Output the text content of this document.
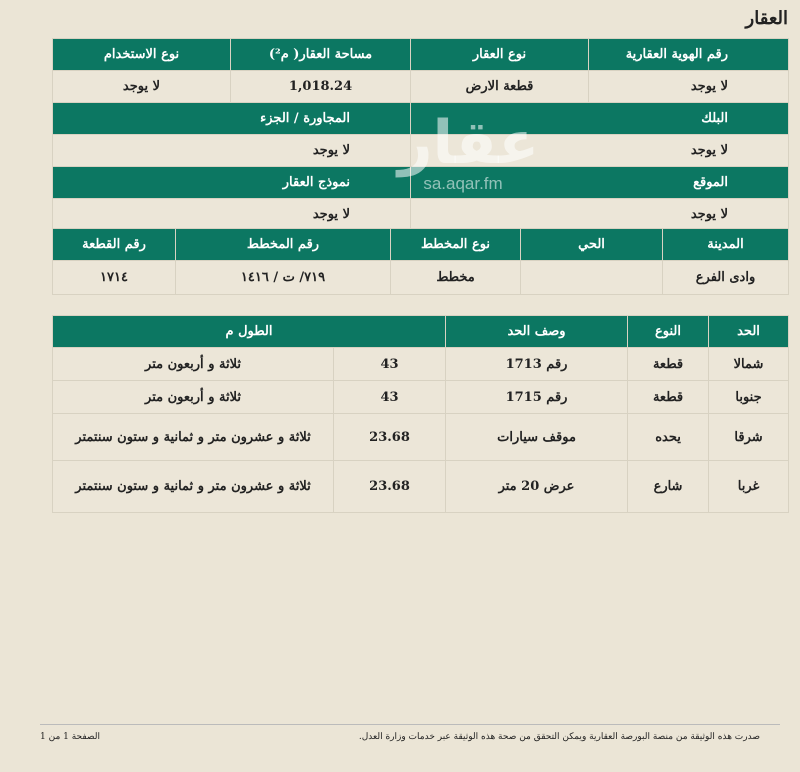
العقار
رقم الهوية العقارية	نوع العقار	مساحة العقار( م²)	نوع الاستخدام
لا يوجد	قطعة الارض	1,018.24	لا يوجد
البلك		المجاورة / الجزء	
لا يوجد		لا يوجد	
الموقع		نموذج العقار	
لا يوجد		لا يوجد	
المدينة	الحي	نوع المخطط	رقم المخطط	رقم القطعة
وادى الفرع		مخطط	٧١٩/ ت / ١٤١٦	١٧١٤
الحد	النوع	وصف الحد	الطول م	
شمالا	قطعة	رقم 1713	43	ثلاثة و أربعون متر
جنوبا	قطعة	رقم 1715	43	ثلاثة و أربعون متر
شرقا	يحده	موقف سيارات	23.68	ثلاثة و عشرون متر و ثمانية و ستون سنتمتر
غربا	شارع	عرض 20 متر	23.68	ثلاثة و عشرون متر و ثمانية و ستون سنتمتر
عقار
sa.aqar.fm
صدرت هذه الوثيقة من منصة البورصة العقارية ويمكن التحقق من صحة هذه الوثيقة عبر خدمات وزارة العدل.
الصفحة 1 من 1
